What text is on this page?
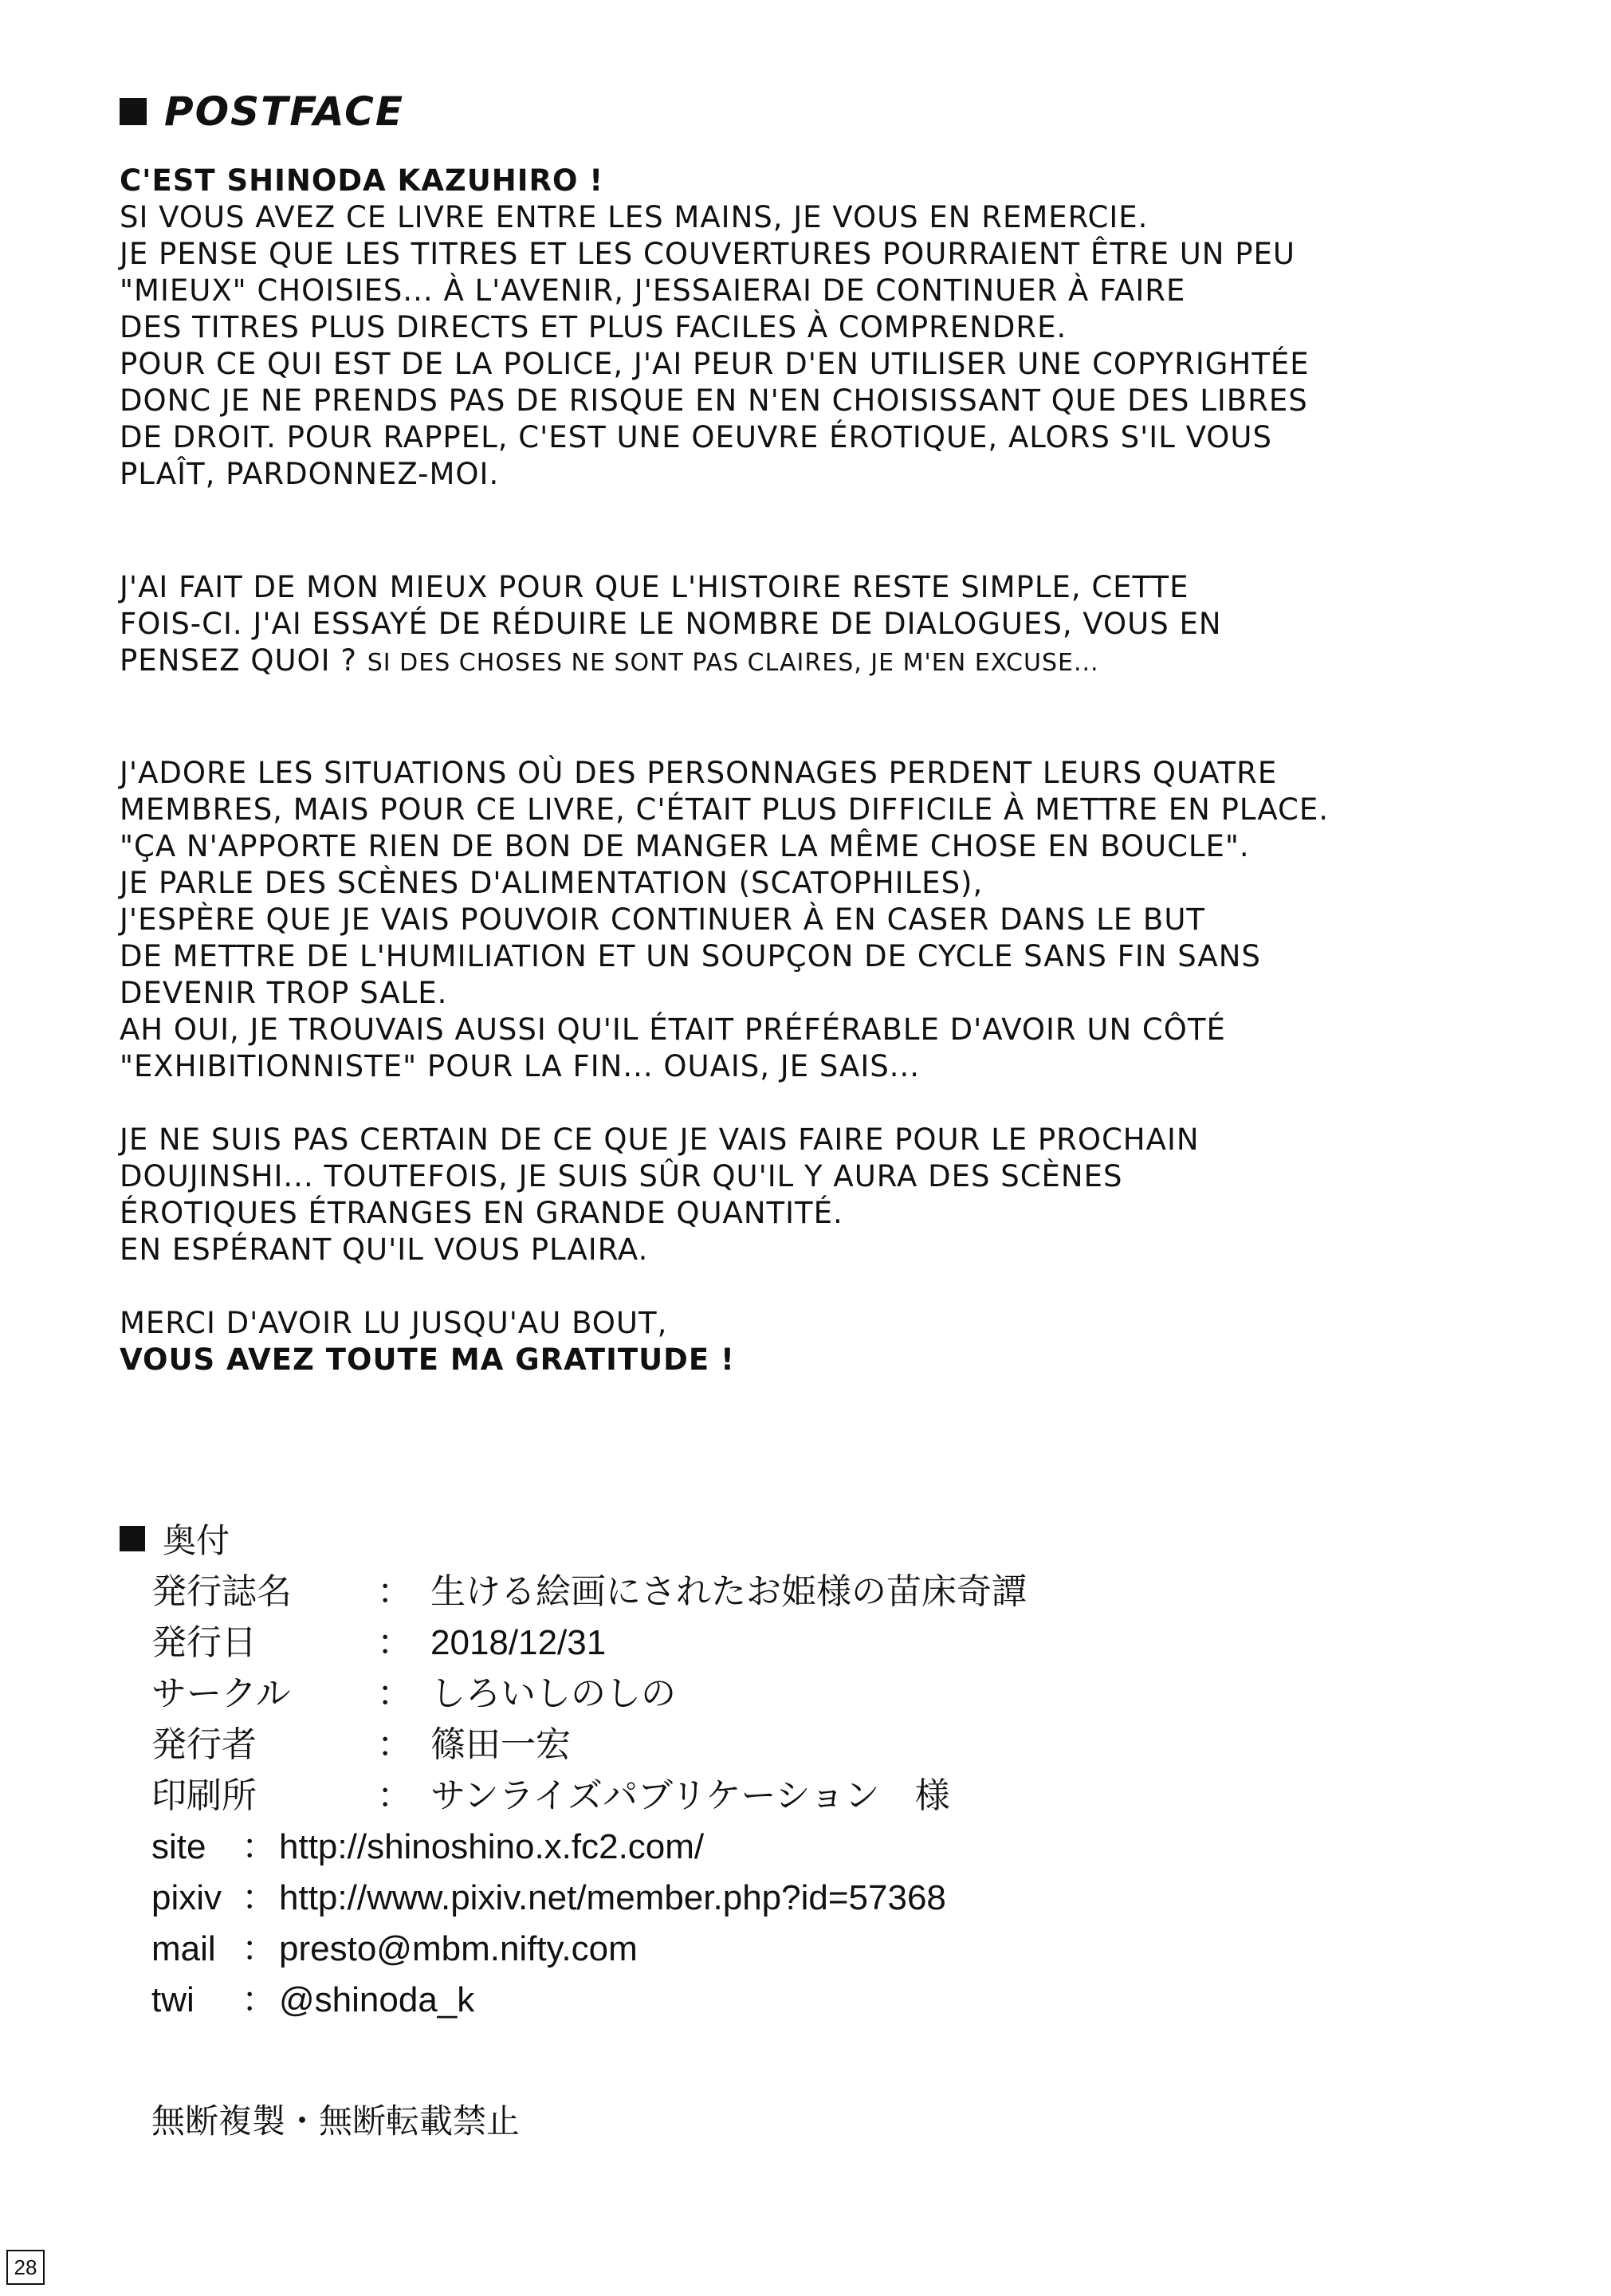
POSTFACE

C'EST SHINODA KAZUHIRO !
SI VOUS AVEZ CE LIVRE ENTRE LES MAINS, JE VOUS EN REMERCIE.
JE PENSE QUE LES TITRES ET LES COUVERTURES POURRAIENT ÊTRE UN PEU
"MIEUX" CHOISIES... À L'AVENIR, J'ESSAIERAI DE CONTINUER À FAIRE
DES TITRES PLUS DIRECTS ET PLUS FACILES À COMPRENDRE.
POUR CE QUI EST DE LA POLICE, J'AI PEUR D'EN UTILISER UNE COPYRIGHTÉE
DONC JE NE PRENDS PAS DE RISQUE EN N'EN CHOISISSANT QUE DES LIBRES
DE DROIT. POUR RAPPEL, C'EST UNE OEUVRE ÉROTIQUE, ALORS S'IL VOUS
PLAÎT, PARDONNEZ-MOI.

J'AI FAIT DE MON MIEUX POUR QUE L'HISTOIRE RESTE SIMPLE, CETTE
FOIS-CI. J'AI ESSAYÉ DE RÉDUIRE LE NOMBRE DE DIALOGUES, VOUS EN
PENSEZ QUOI ? SI DES CHOSES NE SONT PAS CLAIRES, JE M'EN EXCUSE...

J'ADORE LES SITUATIONS OÙ DES PERSONNAGES PERDENT LEURS QUATRE
MEMBRES, MAIS POUR CE LIVRE, C'ÉTAIT PLUS DIFFICILE À METTRE EN PLACE.
"ÇA N'APPORTE RIEN DE BON DE MANGER LA MÊME CHOSE EN BOUCLE".
JE PARLE DES SCÈNES D'ALIMENTATION (SCATOPHILES),
J'ESPÈRE QUE JE VAIS POUVOIR CONTINUER À EN CASER DANS LE BUT
DE METTRE DE L'HUMILIATION ET UN SOUPÇON DE CYCLE SANS FIN SANS
DEVENIR TROP SALE.
AH OUI, JE TROUVAIS AUSSI QU'IL ÉTAIT PRÉFÉRABLE D'AVOIR UN CÔTÉ
"EXHIBITIONNISTE" POUR LA FIN... OUAIS, JE SAIS...

JE NE SUIS PAS CERTAIN DE CE QUE JE VAIS FAIRE POUR LE PROCHAIN
DOUJINSHI... TOUTEFOIS, JE SUIS SÛR QU'IL Y AURA DES SCÈNES
ÉROTIQUES ÉTRANGES EN GRANDE QUANTITÉ.
EN ESPÉRANT QU'IL VOUS PLAIRA.

MERCI D'AVOIR LU JUSQU'AU BOUT,
VOUS AVEZ TOUTE MA GRATITUDE !

奥付
発行誌名	： 生ける絵画にされたお姫様の苗床奇譚
発行日	： 2018/12/31
サークル	： しろいしのしの
発行者	： 篠田一宏
印刷所	： サンライズパブリケーション　様
site	： http://shinoshino.x.fc2.com/
pixiv ： http://www.pixiv.net/member.php?id=57368
mail ： presto@mbm.nifty.com
twi	： @shinoda_k
無断複製・無断転載禁止
28
